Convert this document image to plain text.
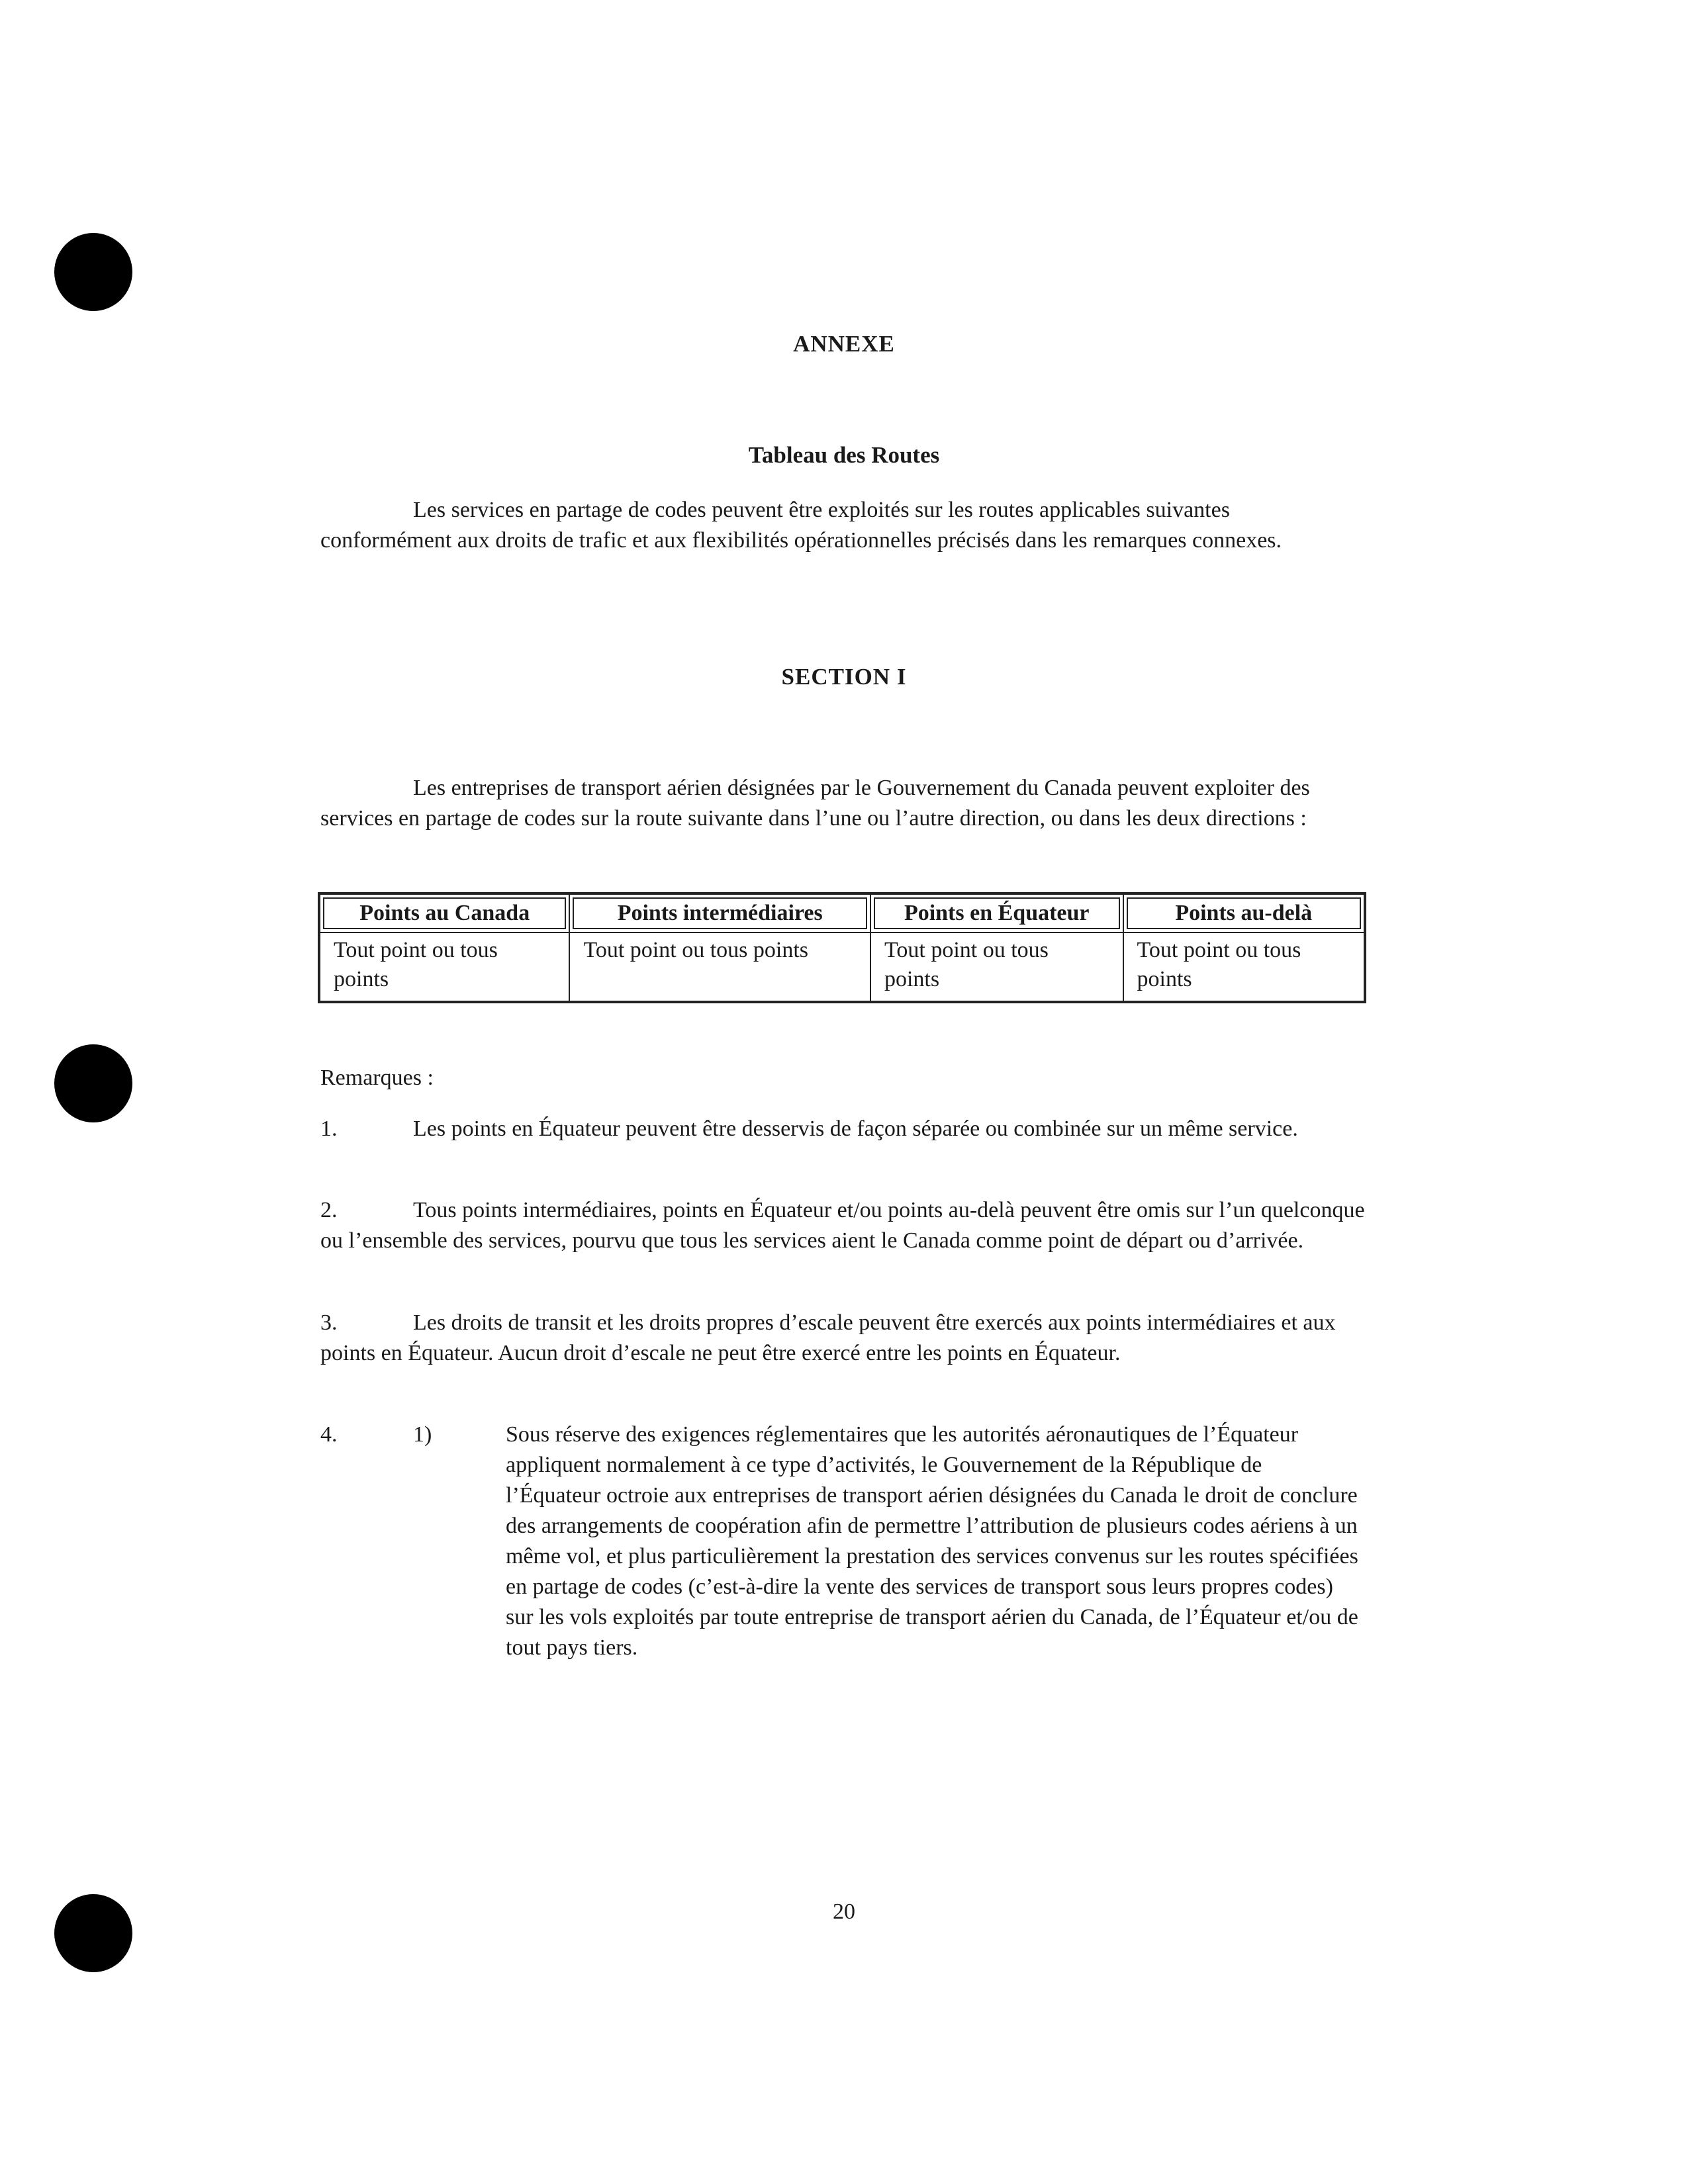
ANNEXE
Tableau des Routes
Les services en partage de codes peuvent être exploités sur les routes applicables suivantes conformément aux droits de trafic et aux flexibilités opérationnelles précisés dans les remarques connexes.
SECTION I
Les entreprises de transport aérien désignées par le Gouvernement du Canada peuvent exploiter des services en partage de codes sur la route suivante dans l’une ou l’autre direction, ou dans les deux directions :
Points au Canada	Points intermédiaires	Points en Équateur	Points au-delà
Tout point ou tous points	Tout point ou tous points	Tout point ou tous points	Tout point ou tous points
Remarques :
1.	Les points en Équateur peuvent être desservis de façon séparée ou combinée sur un même service.
2.	Tous points intermédiaires, points en Équateur et/ou points au-delà peuvent être omis sur l’un quelconque ou l’ensemble des services, pourvu que tous les services aient le Canada comme point de départ ou d’arrivée.
3.	Les droits de transit et les droits propres d’escale peuvent être exercés aux points intermédiaires et aux points en Équateur. Aucun droit d’escale ne peut être exercé entre les points en Équateur.
4.	1)	Sous réserve des exigences réglementaires que les autorités aéronautiques de l’Équateur appliquent normalement à ce type d’activités, le Gouvernement de la République de l’Équateur octroie aux entreprises de transport aérien désignées du Canada le droit de conclure des arrangements de coopération afin de permettre l’attribution de plusieurs codes aériens à un même vol, et plus particulièrement la prestation des services convenus sur les routes spécifiées en partage de codes (c’est-à-dire la vente des services de transport sous leurs propres codes) sur les vols exploités par toute entreprise de transport aérien du Canada, de l’Équateur et/ou de tout pays tiers.
20
